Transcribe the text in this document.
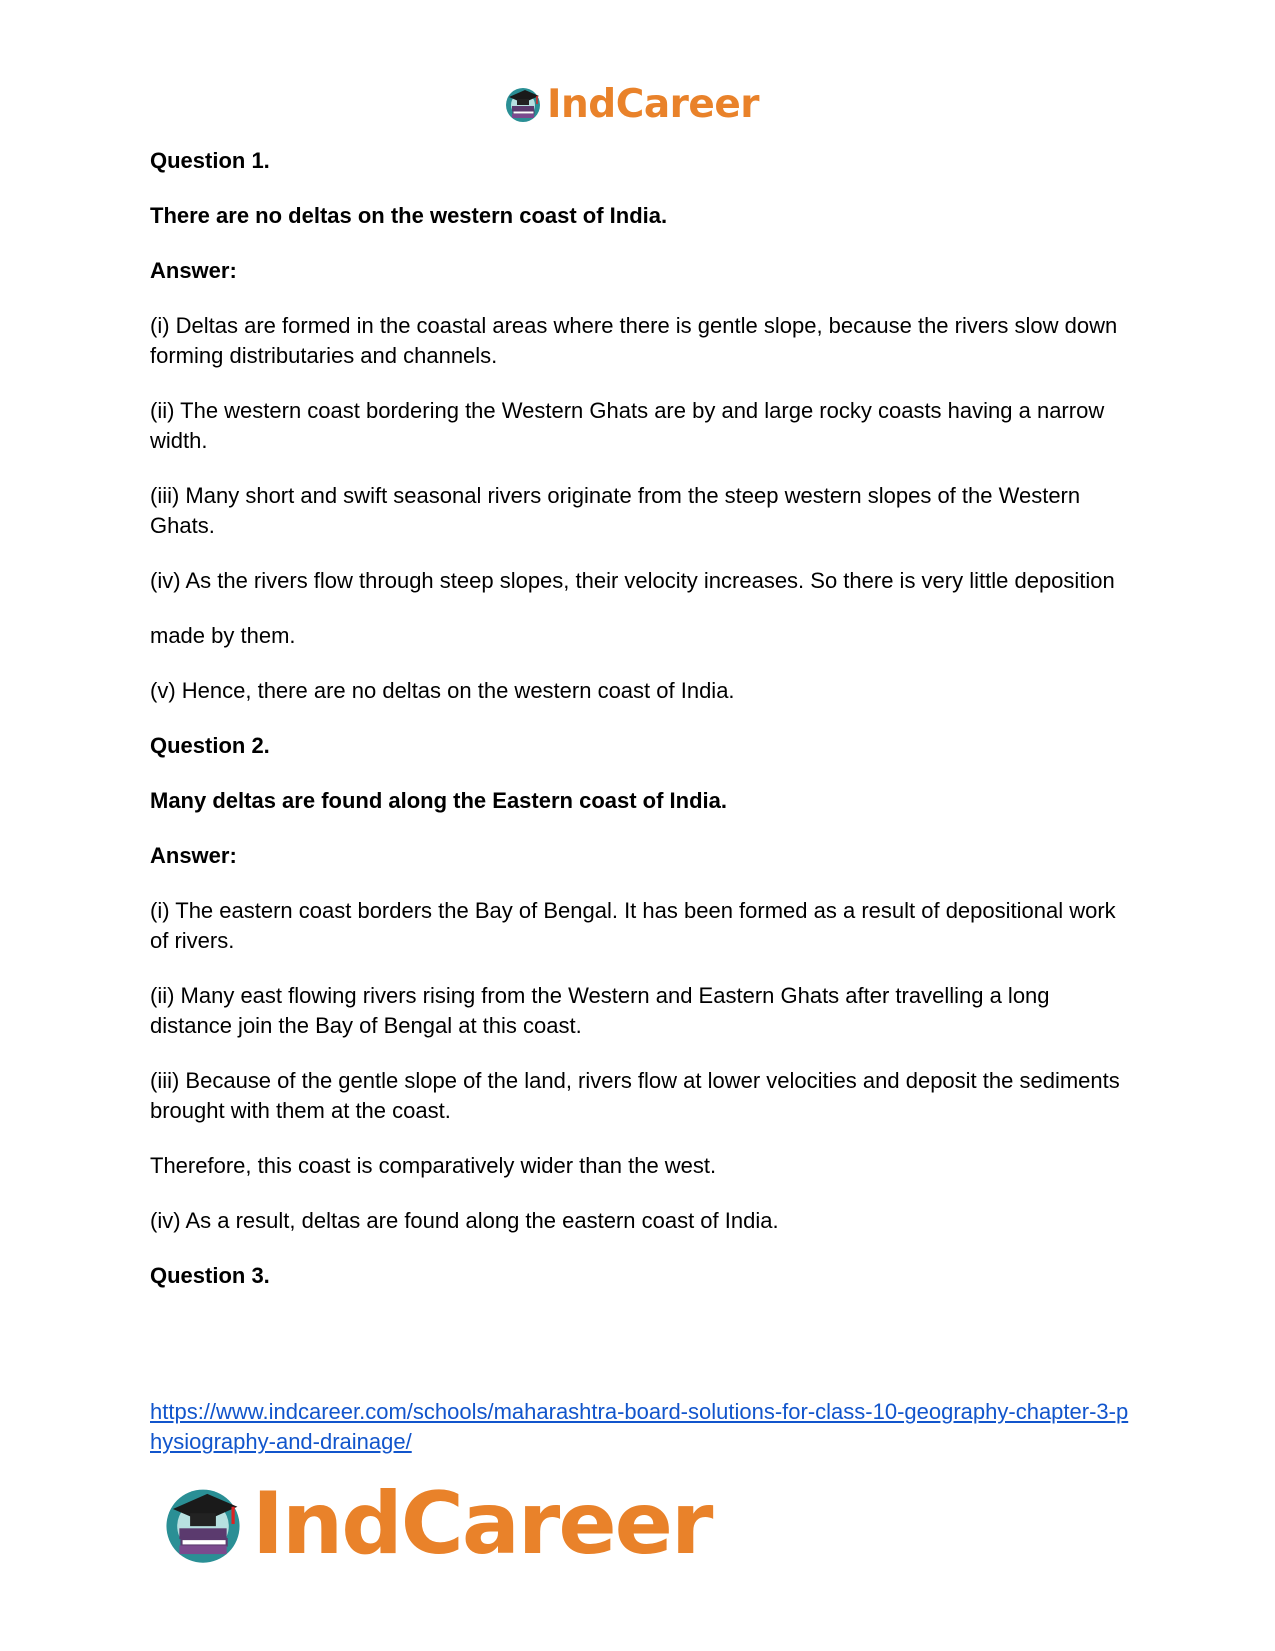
IndCareer

Question 1.

There are no deltas on the western coast of India.

Answer:

(i) Deltas are formed in the coastal areas where there is gentle slope, because the rivers slow down forming distributaries and channels.

(ii) The western coast bordering the Western Ghats are by and large rocky coasts having a narrow width.

(iii) Many short and swift seasonal rivers originate from the steep western slopes of the Western Ghats.

(iv) As the rivers flow through steep slopes, their velocity increases. So there is very little deposition

made by them.

(v) Hence, there are no deltas on the western coast of India.

Question 2.

Many deltas are found along the Eastern coast of India.

Answer:

(i) The eastern coast borders the Bay of Bengal. It has been formed as a result of depositional work of rivers.

(ii) Many east flowing rivers rising from the Western and Eastern Ghats after travelling a long distance join the Bay of Bengal at this coast.

(iii) Because of the gentle slope of the land, rivers flow at lower velocities and deposit the sediments brought with them at the coast.

Therefore, this coast is comparatively wider than the west.

(iv) As a result, deltas are found along the eastern coast of India.

Question 3.

https://www.indcareer.com/schools/maharashtra-board-solutions-for-class-10-geography-chapter-3-physiography-and-drainage/
IndCareer
